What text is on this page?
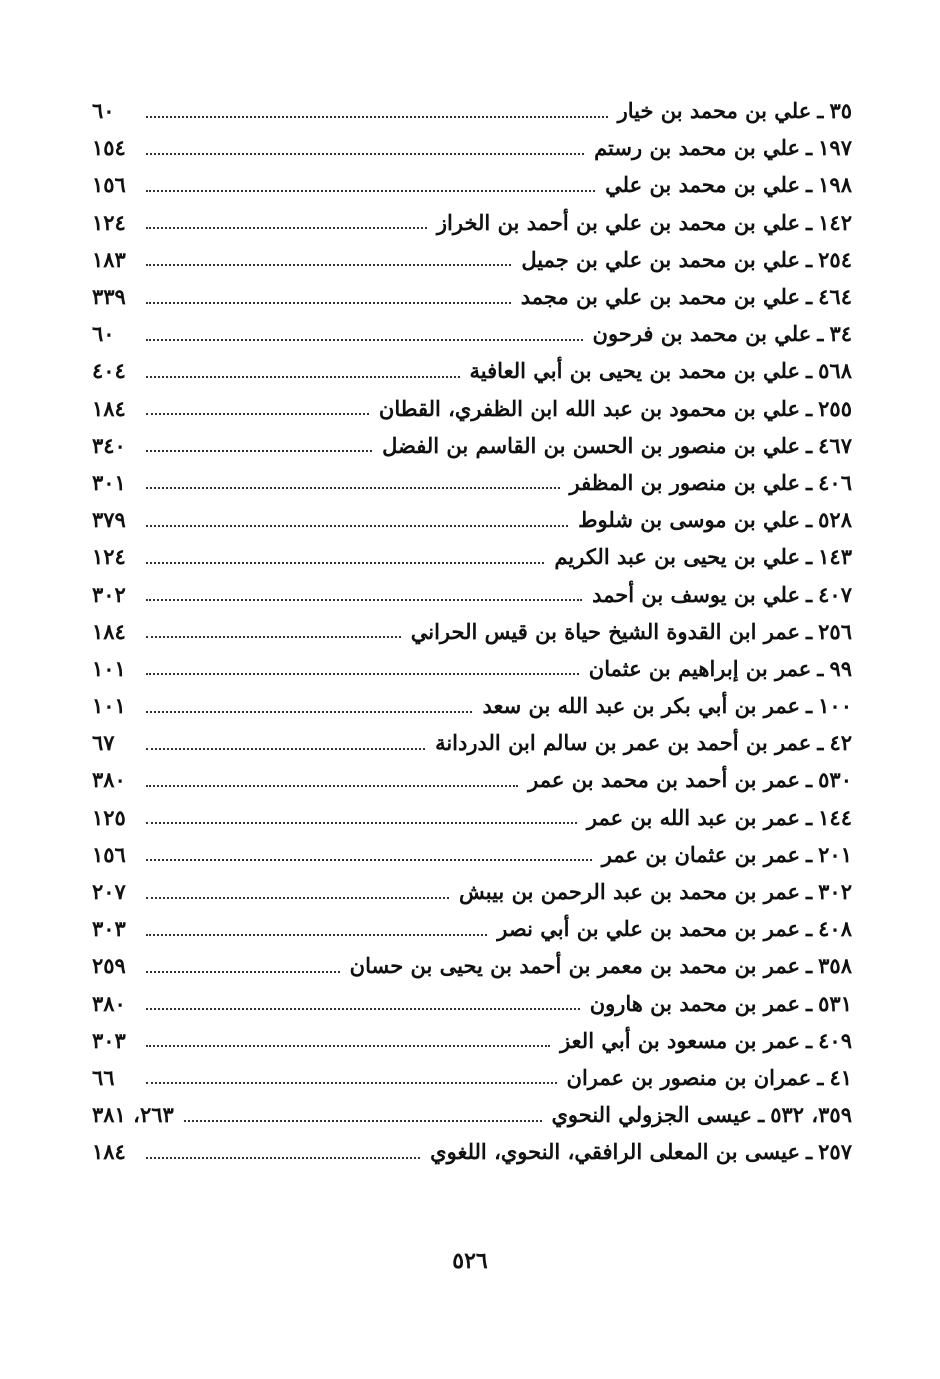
٣٥
ـ
علي بن محمد بن خيار
٦٠
١٩٧
ـ
علي بن محمد بن رستم
١٥٤
١٩٨
ـ
علي بن محمد بن علي
١٥٦
١٤٢
ـ
علي بن محمد بن علي بن أحمد بن الخراز
١٢٤
٢٥٤
ـ
علي بن محمد بن علي بن جميل
١٨٣
٤٦٤
ـ
علي بن محمد بن علي بن مجمد
٣٣٩
٣٤
ـ
علي بن محمد بن فرحون
٦٠
٥٦٨
ـ
علي بن محمد بن يحيى بن أبي العافية
٤٠٤
٢٥٥
ـ
علي بن محمود بن عبد الله ابن الظفري، القطان
١٨٤
٤٦٧
ـ
علي بن منصور بن الحسن بن القاسم بن الفضل
٣٤٠
٤٠٦
ـ
علي بن منصور بن المظفر
٣٠١
٥٢٨
ـ
علي بن موسى بن شلوط
٣٧٩
١٤٣
ـ
علي بن يحيى بن عبد الكريم
١٢٤
٤٠٧
ـ
علي بن يوسف بن أحمد
٣٠٢
٢٥٦
ـ
عمر ابن القدوة الشيخ حياة بن قيس الحراني
١٨٤
٩٩
ـ
عمر بن إبراهيم بن عثمان
١٠١
١٠٠
ـ
عمر بن أبي بكر بن عبد الله بن سعد
١٠١
٤٢
ـ
عمر بن أحمد بن عمر بن سالم ابن الدردانة
٦٧
٥٣٠
ـ
عمر بن أحمد بن محمد بن عمر
٣٨٠
١٤٤
ـ
عمر بن عبد الله بن عمر
١٢٥
٢٠١
ـ
عمر بن عثمان بن عمر
١٥٦
٣٠٢
ـ
عمر بن محمد بن عبد الرحمن بن بيبش
٢٠٧
٤٠٨
ـ
عمر بن محمد بن علي بن أبي نصر
٣٠٣
٣٥٨
ـ
عمر بن محمد بن معمر بن أحمد بن يحيى بن حسان
٢٥٩
٥٣١
ـ
عمر بن محمد بن هارون
٣٨٠
٤٠٩
ـ
عمر بن مسعود بن أبي العز
٣٠٣
٤١
ـ
عمران بن منصور بن عمران
٦٦
٣٥٩، ٥٣٢
ـ
عيسى الجزولي النحوي
٢٦٣، ٣٨١
٢٥٧
ـ
عيسى بن المعلى الرافقي، النحوي، اللغوي
١٨٤
٥٢٦
